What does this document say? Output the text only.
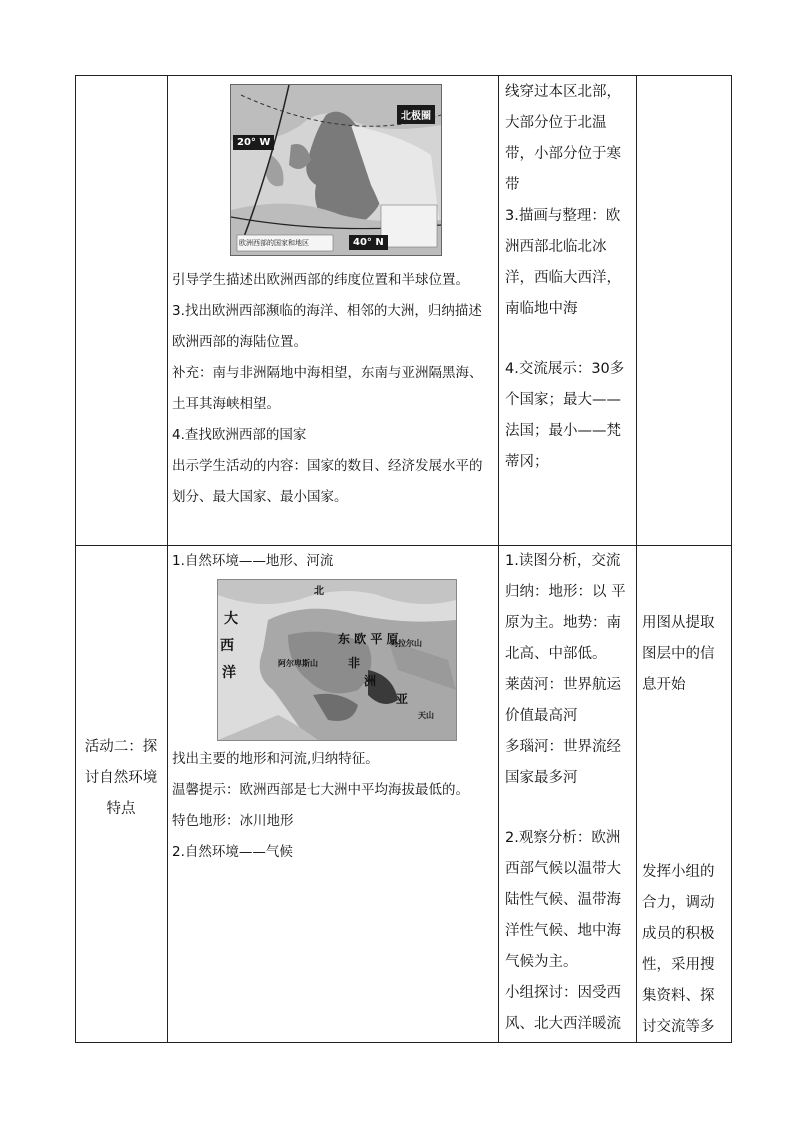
北极圈
20° W
40° N
欧洲西部的国家和地区

引导学生描述出欧洲西部的纬度位置和半球位置。

3.找出欧洲西部濒临的海洋、相邻的大洲，归纳描述欧洲西部的海陆位置。

补充：南与非洲隔地中海相望，东南与亚洲隔黑海、土耳其海峡相望。

4.查找欧洲西部的国家

出示学生活动的内容：国家的数目、经济发展水平的划分、最大国家、最小国家。

线穿过本区北部，大部分位于北温带，小部分位于寒带

3.描画与整理：欧洲西部北临北冰洋，西临大西洋，南临地中海

4.交流展示：30多个国家；最大——法国；最小——梵蒂冈；

活动二：探讨自然环境特点
1.自然环境——地形、河流
北
大
西
洋
东 欧 平 原
阿尔卑斯山
乌拉尔山
非
洲
亚
天山

找出主要的地形和河流,归纳特征。

温馨提示：欧洲西部是七大洲中平均海拔最低的。

特色地形：冰川地形

2.自然环境——气候

1.读图分析，交流归纳：地形：以 平原为主。地势：南北高、中部低。

莱茵河：世界航运价值最高河

多瑙河：世界流经国家最多河

2.观察分析：欧洲西部气候以温带大陆性气候、温带海洋性气候、地中海气候为主。

小组探讨：因受西风、北大西洋暖流

用图从提取图层中的信息开始
发挥小组的合力，调动成员的积极性，采用搜集资料、探讨交流等多
